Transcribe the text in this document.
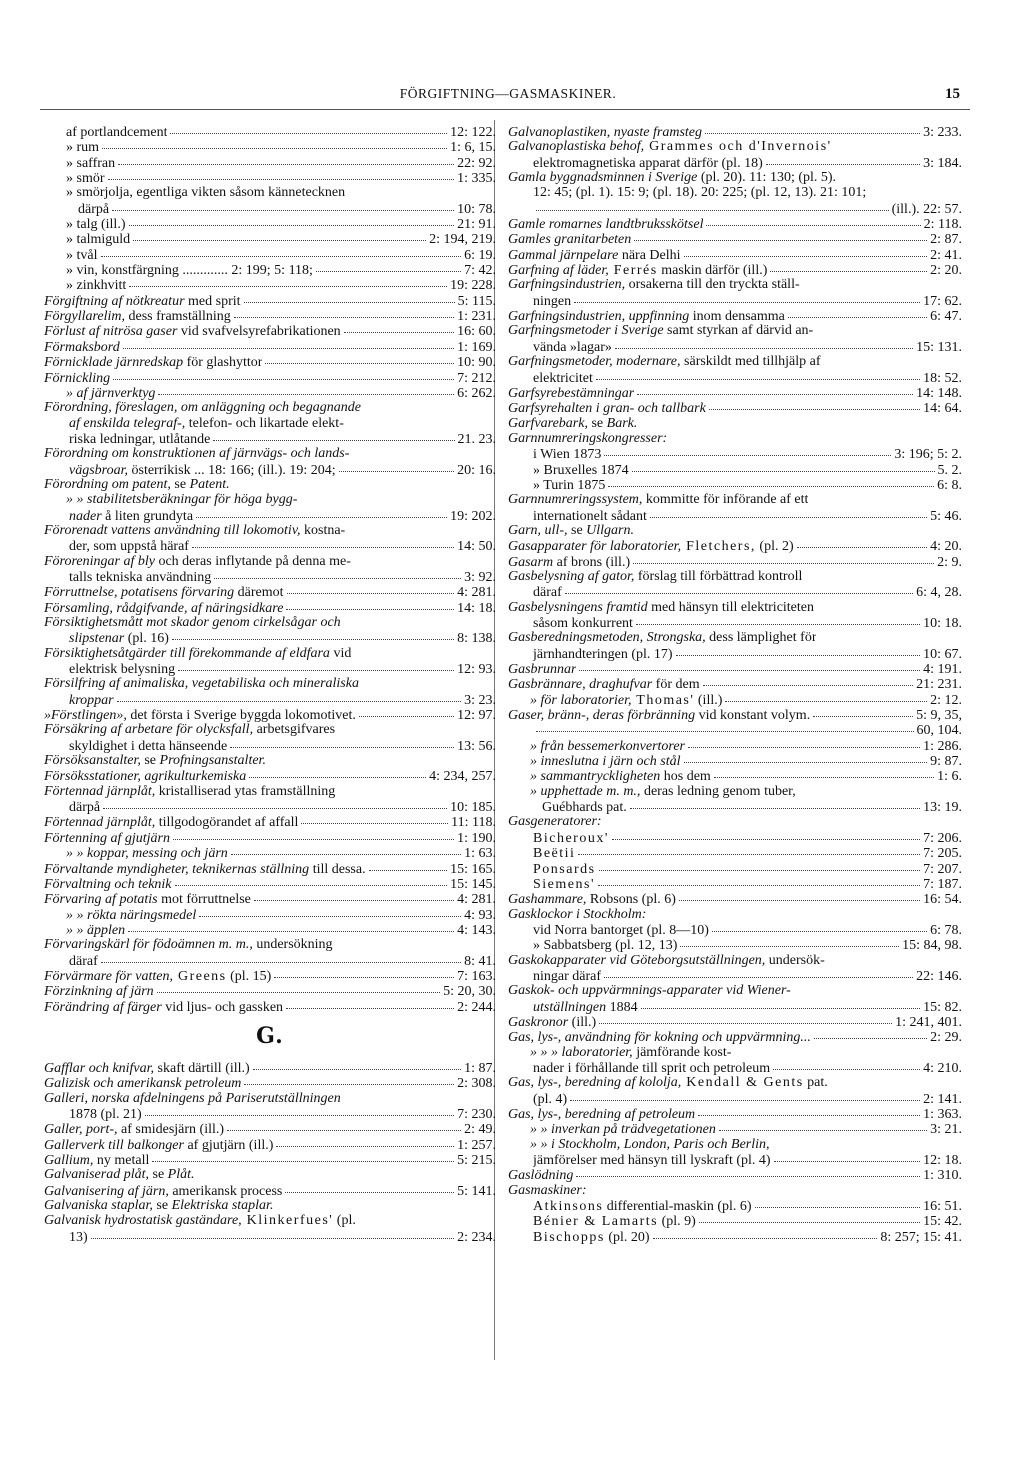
FÖRGIFTNING—GASMASKINER.	15
af portlandcement	12: 122.
» rum	1: 6, 15.
» saffran	22: 92.
» smör	1: 335.
» smörjolja, egentliga vikten såsom kännetecknen
därpå	10: 78.
» talg (ill.)	21: 91.
» talmiguld	2: 194, 219.
» tvål	6: 19.
» vin, konstfärgning ............. 2: 199; 5: 118;	7: 42.
» zinkhvitt	19: 228.
Förgiftning af nötkreatur med sprit	5: 115.
Förgyllarelim, dess framställning	1: 231.
Förlust af nitrösa gaser vid svafvelsyrefabrikationen	16: 60.
Förmaksbord	1: 169.
Förnicklade järnredskap för glashyttor	10: 90.
Förnickling	7: 212.
» af järnverktyg	6: 262.
Förordning, föreslagen, om anläggning och begagnande
af enskilda telegraf-, telefon- och likartade elekt-
riska ledningar, utlåtande	21. 23.
Förordning om konstruktionen af järnvägs- och lands-
vägsbroar, österrikisk ... 18: 166; (ill.). 19: 204;	20: 16.
Förordning om patent, se Patent.
» » stabilitetsberäkningar för höga bygg-
nader å liten grundyta	19: 202.
Förorenadt vattens användning till lokomotiv, kostna-
der, som uppstå häraf	14: 50.
Föroreningar af bly och deras inflytande på denna me-
talls tekniska användning	3: 92.
Förruttnelse, potatisens förvaring däremot	4: 281.
Församling, rådgifvande, af näringsidkare	14: 18.
Försiktighetsmått mot skador genom cirkelsågar och
slipstenar (pl. 16)	8: 138.
Försiktighetsåtgärder till förekommande af eldfara vid
elektrisk belysning	12: 93.
Försilfring af animaliska, vegetabiliska och mineraliska
kroppar	3: 23.
»Förstlingen», det första i Sverige byggda lokomotivet.	12: 97.
Försäkring af arbetare för olycksfall, arbetsgifvares
skyldighet i detta hänseende	13: 56.
Försöksanstalter, se Profningsanstalter.
Försöksstationer, agrikulturkemiska	4: 234, 257.
Förtennad järnplåt, kristalliserad ytas framställning
därpå	10: 185.
Förtennad järnplåt, tillgodogörandet af affall	11: 118.
Förtenning af gjutjärn	1: 190.
» » koppar, messing och järn	1: 63.
Förvaltande myndigheter, teknikernas ställning till dessa.	15: 165.
Förvaltning och teknik	15: 145.
Förvaring af potatis mot förruttnelse	4: 281.
» » rökta näringsmedel	4: 93.
» » äpplen	4: 143.
Förvaringskärl för födoämnen m. m., undersökning
däraf	8: 41.
Förvärmare för vatten, Greens (pl. 15)	7: 163.
Förzinkning af järn	5: 20, 30.
Förändring af färger vid ljus- och gassken	2: 244.
G.
Gafflar och knifvar, skaft därtill (ill.)	1: 87.
Galizisk och amerikansk petroleum	2: 308.
Galleri, norska afdelningens på Pariserutställningen
1878 (pl. 21)	7: 230.
Galler, port-, af smidesjärn (ill.)	2: 49.
Gallerverk till balkonger af gjutjärn (ill.)	1: 257.
Gallium, ny metall	5: 215.
Galvaniserad plåt, se Plåt.
Galvanisering af järn, amerikansk process	5: 141.
Galvaniska staplar, se Elektriska staplar.
Galvanisk hydrostatisk gaständare, Klinkerfues' (pl.
13)	2: 234.
Galvanoplastiken, nyaste framsteg	3: 233.
Galvanoplastiska behof, Grammes och d'Invernois'
elektromagnetiska apparat därför (pl. 18)	3: 184.
Gamla byggnadsminnen i Sverige (pl. 20). 11: 130; (pl. 5).
12: 45; (pl. 1). 15: 9; (pl. 18). 20: 225; (pl. 12, 13). 21: 101;
(ill.). 22: 57.
Gamle romarnes landtbruksskötsel	2: 118.
Gamles granitarbeten	2: 87.
Gammal järnpelare nära Delhi	2: 41.
Garfning af läder, Ferrés maskin därför (ill.)	2: 20.
Garfningsindustrien, orsakerna till den tryckta ställ-
ningen	17: 62.
Garfningsindustrien, uppfinning inom densamma	6: 47.
Garfningsmetoder i Sverige samt styrkan af därvid an-
vända »lagar»	15: 131.
Garfningsmetoder, modernare, särskildt med tillhjälp af
elektricitet	18: 52.
Garfsyrebestämningar	14: 148.
Garfsyrehalten i gran- och tallbark	14: 64.
Garfvarebark, se Bark.
Garnnumreringskongresser:
i Wien 1873	3: 196; 5: 2.
» Bruxelles 1874	5. 2.
» Turin 1875	6: 8.
Garnnumreringssystem, kommitte för införande af ett
internationelt sådant	5: 46.
Garn, ull-, se Ullgarn.
Gasapparater för laboratorier, Fletchers, (pl. 2)	4: 20.
Gasarm af brons (ill.)	2: 9.
Gasbelysning af gator, förslag till förbättrad kontroll
däraf	6: 4, 28.
Gasbelysningens framtid med hänsyn till elektriciteten
såsom konkurrent	10: 18.
Gasberedningsmetoden, Strongska, dess lämplighet för
järnhandteringen (pl. 17)	10: 67.
Gasbrunnar	4: 191.
Gasbrännare, draghufvar för dem	21: 231.
» för laboratorier, Thomas' (ill.)	2: 12.
Gaser, bränn-, deras förbränning vid konstant volym.	5: 9, 35,
60, 104.
» från bessemerkonvertorer	1: 286.
» inneslutna i järn och stål	9: 87.
» sammantryckligheten hos dem	1: 6.
» upphettade m. m., deras ledning genom tuber,
Guébhards pat.	13: 19.
Gasgeneratorer:
Bicheroux'	7: 206.
Beëtii	7: 205.
Ponsards	7: 207.
Siemens'	7: 187.
Gashammare, Robsons (pl. 6)	16: 54.
Gasklockor i Stockholm:
vid Norra bantorget (pl. 8—10)	6: 78.
» Sabbatsberg (pl. 12, 13)	15: 84, 98.
Gaskokapparater vid Göteborgsutställningen, undersök-
ningar däraf	22: 146.
Gaskok- och uppvärmnings-apparater vid Wiener-
utställningen 1884	15: 82.
Gaskronor (ill.)	1: 241, 401.
Gas, lys-, användning för kokning och uppvärmning...	2: 29.
» » » laboratorier, jämförande kost-
nader i förhållande till sprit och petroleum	4: 210.
Gas, lys-, beredning af kololja, Kendall & Gents pat.
(pl. 4)	2: 141.
Gas, lys-, beredning af petroleum	1: 363.
» » inverkan på trädvegetationen	3: 21.
» » i Stockholm, London, Paris och Berlin,
jämförelser med hänsyn till lyskraft (pl. 4)	12: 18.
Gaslödning	1: 310.
Gasmaskiner:
Atkinsons differential-maskin (pl. 6)	16: 51.
Bénier & Lamarts (pl. 9)	15: 42.
Bischopps (pl. 20)	8: 257; 15: 41.
